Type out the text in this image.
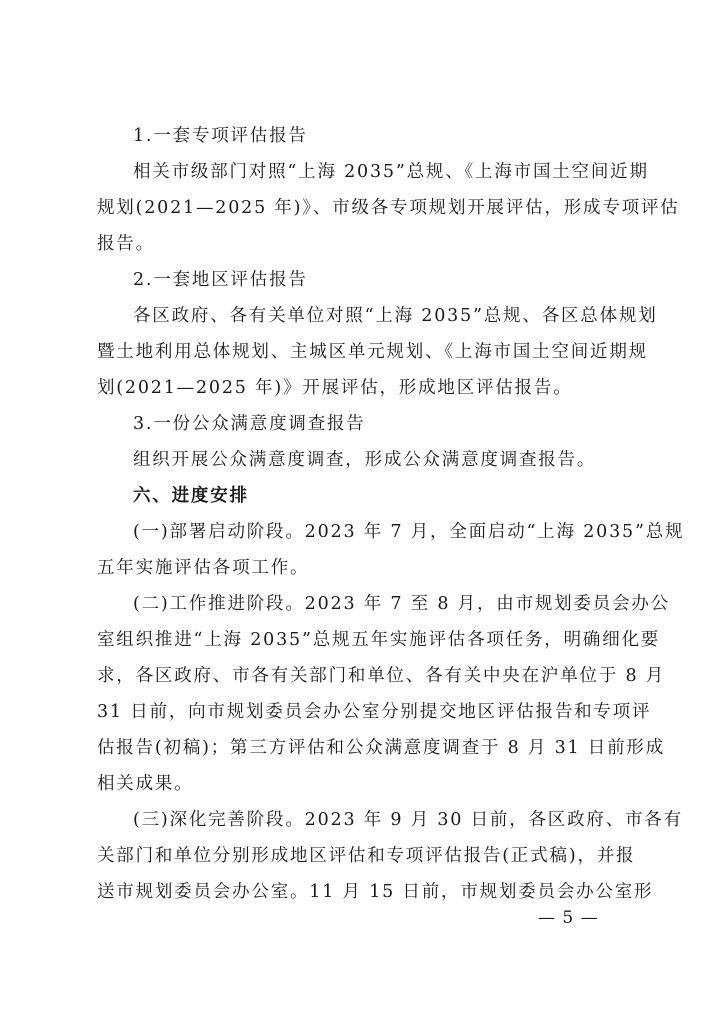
1.一套专项评估报告
相关市级部门对照“上海 2035”总规、《上海市国土空间近期
规划(2021—2025 年)》、市级各专项规划开展评估，形成专项评估
报告。
2.一套地区评估报告
各区政府、各有关单位对照“上海 2035”总规、各区总体规划
暨土地利用总体规划、主城区单元规划、《上海市国土空间近期规
划(2021—2025 年)》开展评估，形成地区评估报告。
3.一份公众满意度调查报告
组织开展公众满意度调查，形成公众满意度调查报告。
六、进度安排
(一)部署启动阶段。2023 年 7 月，全面启动“上海 2035”总规
五年实施评估各项工作。
(二)工作推进阶段。2023 年 7 至 8 月，由市规划委员会办公
室组织推进“上海 2035”总规五年实施评估各项任务，明确细化要
求，各区政府、市各有关部门和单位、各有关中央在沪单位于 8 月
31 日前，向市规划委员会办公室分别提交地区评估报告和专项评
估报告(初稿)；第三方评估和公众满意度调查于 8 月 31 日前形成
相关成果。
(三)深化完善阶段。2023 年 9 月 30 日前，各区政府、市各有
关部门和单位分别形成地区评估和专项评估报告(正式稿)，并报
送市规划委员会办公室。11 月 15 日前，市规划委员会办公室形
— 5 —
